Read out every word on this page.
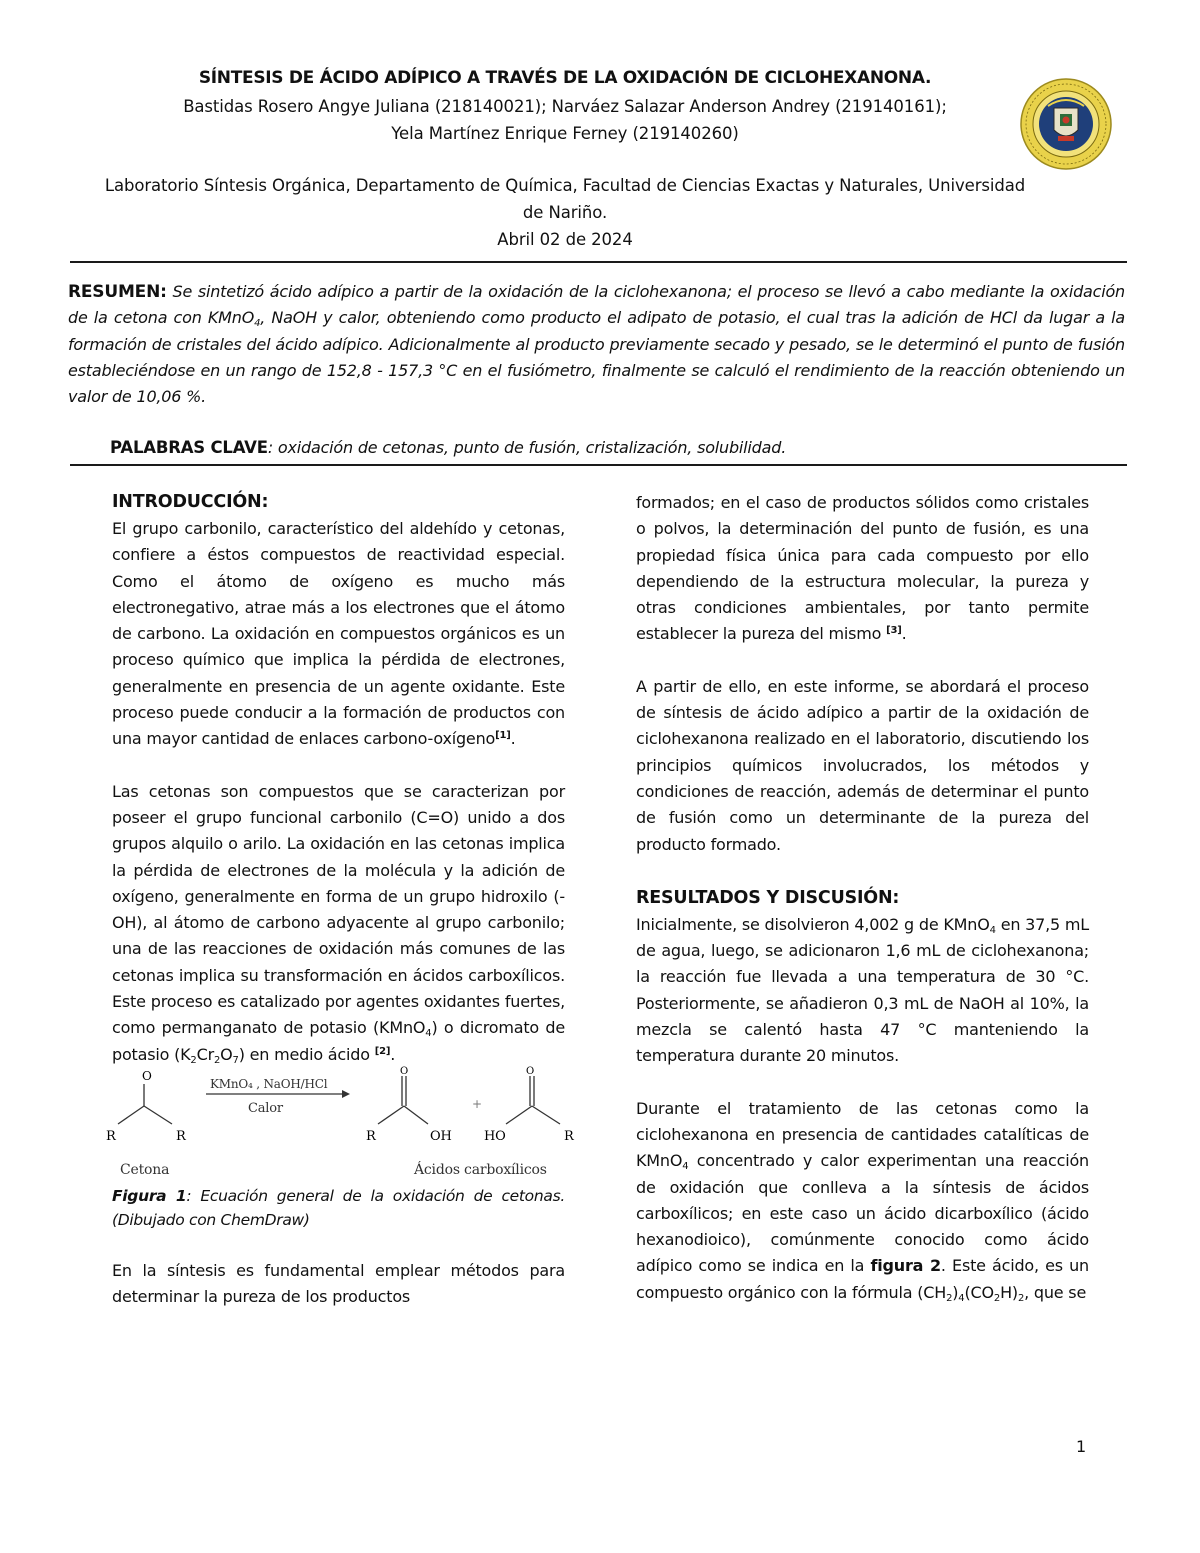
SÍNTESIS DE ÁCIDO ADÍPICO A TRAVÉS DE LA OXIDACIÓN DE CICLOHEXANONA.
Bastidas Rosero Angye Juliana (218140021); Narváez Salazar Anderson Andrey (219140161);
Yela Martínez Enrique Ferney (219140260)
Laboratorio Síntesis Orgánica, Departamento de Química, Facultad de Ciencias Exactas y Naturales, Universidad
de Nariño.
Abril 02 de 2024
RESUMEN: Se sintetizó ácido adípico a partir de la oxidación de la ciclohexanona; el proceso se llevó a cabo mediante la oxidación de la cetona con KMnO$_4$, NaOH y calor, obteniendo como producto el adipato de potasio, el cual tras la adición de HCl da lugar a la formación de cristales del ácido adípico. Adicionalmente al producto previamente secado y pesado, se le determinó el punto de fusión estableciéndose en un rango de 152,8 - 157,3 °C en el fusiómetro, finalmente se calculó el rendimiento de la reacción obteniendo un valor de 10,06 %.
PALABRAS CLAVE: oxidación de cetonas, punto de fusión, cristalización, solubilidad.
INTRODUCCIÓN:

El grupo carbonilo, característico del aldehído y cetonas, confiere a éstos compuestos de reactividad especial. Como el átomo de oxígeno es mucho más electronegativo, atrae más a los electrones que el átomo de carbono. La oxidación en compuestos orgánicos es un proceso químico que implica la pérdida de electrones, generalmente en presencia de un agente oxidante. Este proceso puede conducir a la formación de productos con una mayor cantidad de enlaces carbono-oxígeno[1].

Las cetonas son compuestos que se caracterizan por poseer el grupo funcional carbonilo (C=O) unido a dos grupos alquilo o arilo. La oxidación en las cetonas implica la pérdida de electrones de la molécula y la adición de oxígeno, generalmente en forma de un grupo hidroxilo (-OH), al átomo de carbono adyacente al grupo carbonilo; una de las reacciones de oxidación más comunes de las cetonas implica su transformación en ácidos carboxílicos. Este proceso es catalizado por agentes oxidantes fuertes, como permanganato de potasio (KMnO$_4$) o dicromato de potasio $(K_2Cr_2O_7)$ en medio ácido [2].

O
R	R
Cetona
KMnO₄ , NaOH/HCl
Calor
O
R	OH
+
O
HO	R
Ácidos carboxílicos

Figura 1: Ecuación general de la oxidación de cetonas. (Dibujado con ChemDraw)

En la síntesis es fundamental emplear métodos para determinar la pureza de los productos

formados; en el caso de productos sólidos como cristales o polvos, la determinación del punto de fusión, es una propiedad física única para cada compuesto por ello dependiendo de la estructura molecular, la pureza y otras condiciones ambientales, por tanto permite establecer la pureza del mismo [3].

A partir de ello, en este informe, se abordará el proceso de síntesis de ácido adípico a partir de la oxidación de ciclohexanona realizado en el laboratorio, discutiendo los principios químicos involucrados, los métodos y condiciones de reacción, además de determinar el punto de fusión como un determinante de la pureza del producto formado.

RESULTADOS Y DISCUSIÓN:

Inicialmente, se disolvieron 4,002 g de KMnO$_4$ en 37,5 mL de agua, luego, se adicionaron 1,6 mL de ciclohexanona; la reacción fue llevada a una temperatura de 30 °C. Posteriormente, se añadieron 0,3 mL de NaOH al 10%, la mezcla se calentó hasta 47 °C manteniendo la temperatura durante 20 minutos.

Durante el tratamiento de las cetonas como la ciclohexanona en presencia de cantidades catalíticas de KMnO$_4$ concentrado y calor experimentan una reacción de oxidación que conlleva a la síntesis de ácidos carboxílicos; en este caso un ácido dicarboxílico (ácido hexanodioico), comúnmente conocido como ácido adípico como se indica en la figura 2. Este ácido, es un compuesto orgánico con la fórmula $(CH_2)_4(CO_2H)_2$, que se

1
